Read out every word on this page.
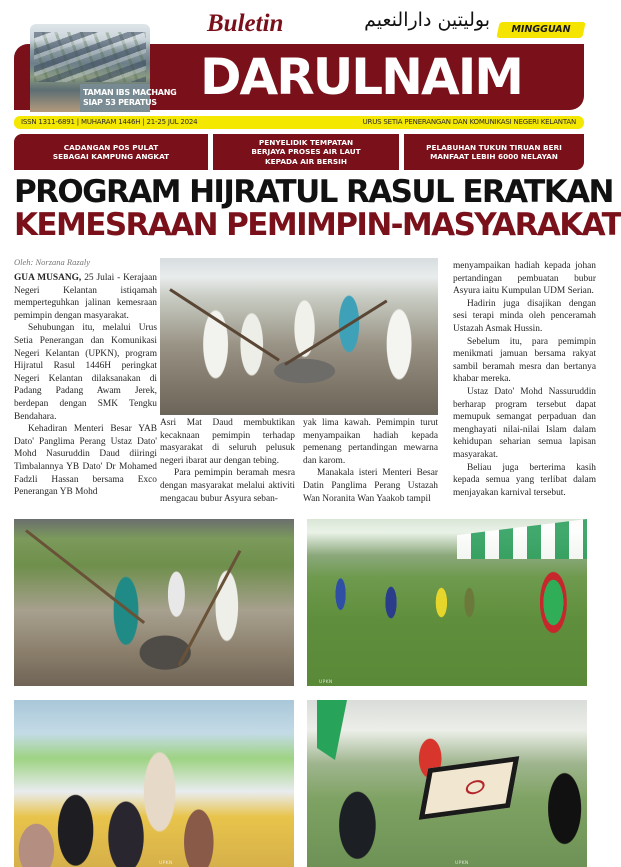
TAMAN IBS MACHANG
SIAP 53 PERATUS
Buletin	بوليتين دارالنعيم	MINGGUAN
DARULNAIM
ISSN 1311-6891 | MUHARAM 1446H | 21-25 JUL 2024	URUS SETIA PENERANGAN DAN KOMUNIKASI NEGERI KELANTAN
CADANGAN POS PULAT
SEBAGAI KAMPUNG ANGKAT
PENYELIDIK TEMPATAN
BERJAYA PROSES AIR LAUT
KEPADA AIR BERSIH
PELABUHAN TUKUN TIRUAN BERI
MANFAAT LEBIH 6000 NELAYAN
PROGRAM HIJRATUL RASUL ERATKAN
KEMESRAAN PEMIMPIN-MASYARAKAT
Oleh: Norzana Razaly

GUA MUSANG, 25 Julai - Kerajaan Negeri Kelantan istiqamah memperteguhkan jalinan kemesraan pemimpin dengan masyarakat.

Sehubungan itu, melalui Urus Setia Penerangan dan Komunikasi Negeri Kelantan (UPKN), program Hijratul Rasul 1446H peringkat Negeri Kelantan dilaksanakan di Padang Padang Awam Jerek, berdepan dengan SMK Tengku Bendahara.

Kehadiran Menteri Besar YAB Dato' Panglima Perang Ustaz Dato' Mohd Nasuruddin Daud diiringi Timbalannya YB Dato' Dr Mohamed Fadzli Hassan bersama Exco Penerangan YB Mohd

Asri Mat Daud membuktikan kecaknaan pemimpin terhadap masyarakat di seluruh pelusuk negeri ibarat aur dengan tebing.

Para pemimpin beramah mesra dengan masyarakat melalui aktiviti mengacau bubur Asyura seban-

yak lima kawah. Pemimpin turut menyampaikan hadiah kepada pemenang pertandingan mewarna dan karom.

Manakala isteri Menteri Besar Datin Panglima Perang Ustazah Wan Noranita Wan Yaakob tampil

menyampaikan hadiah kepada johan pertandingan pembuatan bubur Asyura iaitu Kumpulan UDM Serian.

Hadirin juga disajikan dengan sesi terapi minda oleh penceramah Ustazah Asmak Hussin.

Sebelum itu, para pemimpin menikmati jamuan bersama rakyat sambil beramah mesra dan bertanya khabar mereka.

Ustaz Dato' Mohd Nassuruddin berharap program tersebut dapat memupuk semangat perpaduan dan menghayati nilai-nilai Islam dalam kehidupan seharian semua lapisan masyarakat.

Beliau juga berterima kasih kepada semua yang terlibat dalam menjayakan karnival tersebut.

UPKN
UPKN	UPKN
